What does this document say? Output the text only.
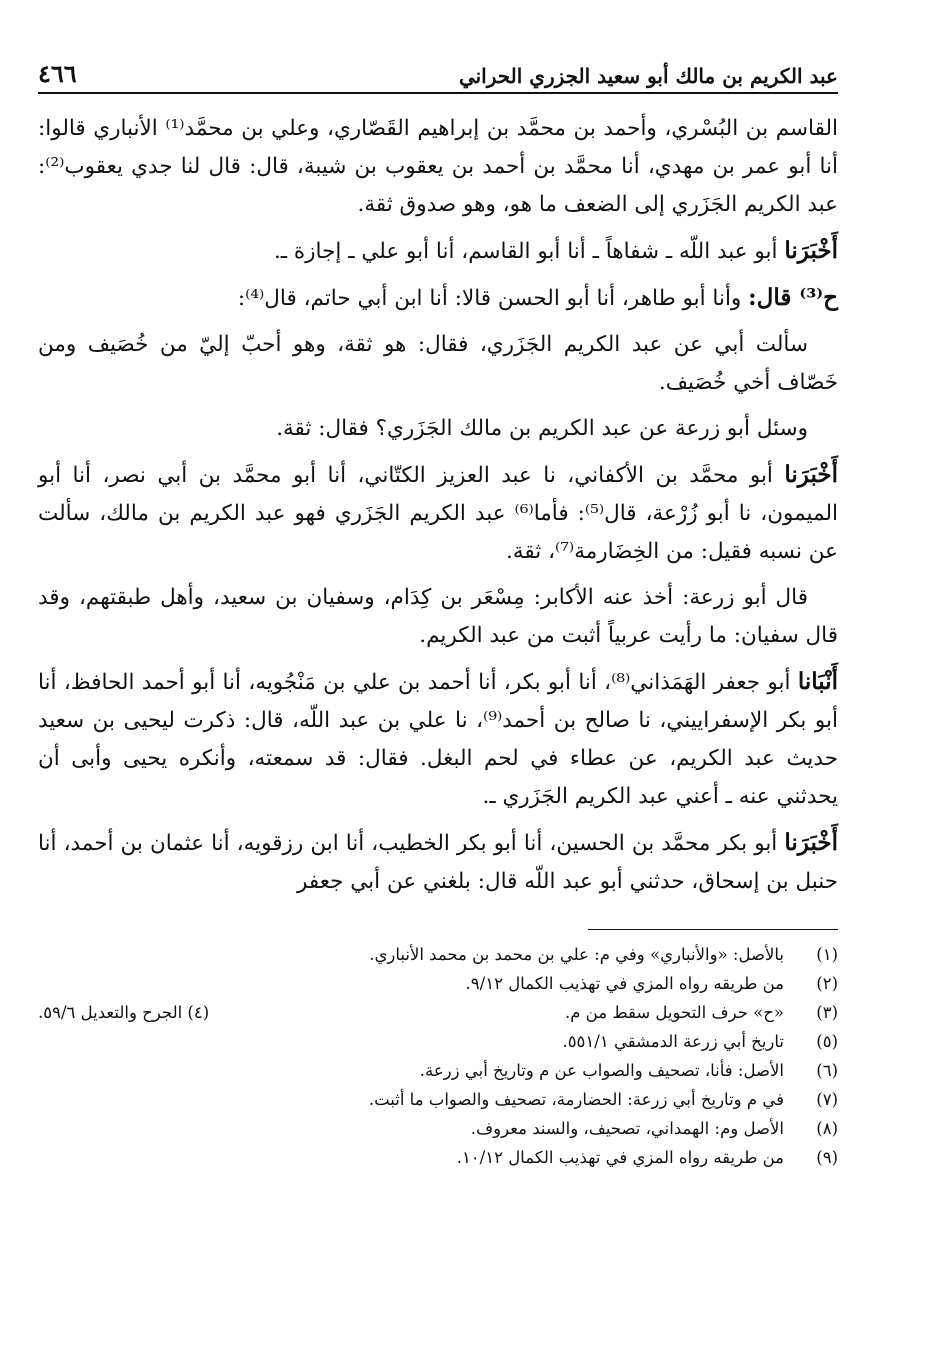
عبد الكريم بن مالك أبو سعيد الجزري الحراني
٤٦٦

القاسم بن البُسْري، وأحمد بن محمَّد بن إبراهيم القَصّاري، وعلي بن محمَّد⁽¹⁾ الأنباري قالوا: أنا أبو عمر بن مهدي، أنا محمَّد بن أحمد بن يعقوب بن شيبة، قال: قال لنا جدي يعقوب⁽²⁾: عبد الكريم الجَزَري إلى الضعف ما هو، وهو صدوق ثقة.

أَخْبَرَنا أبو عبد اللّه ـ شفاهاً ـ أنا أبو القاسم، أنا أبو علي ـ إجازة ـ.

ح⁽³⁾ قال: وأنا أبو طاهر، أنا أبو الحسن قالا: أنا ابن أبي حاتم، قال⁽⁴⁾:

سألت أبي عن عبد الكريم الجَزَري، فقال: هو ثقة، وهو أحبّ إليّ من خُصَيف ومن خَصّاف أخي خُصَيف.

وسئل أبو زرعة عن عبد الكريم بن مالك الجَزَري؟ فقال: ثقة.

أَخْبَرَنا أبو محمَّد بن الأكفاني، نا عبد العزيز الكتّاني، أنا أبو محمَّد بن أبي نصر، أنا أبو الميمون، نا أبو زُرْعة، قال⁽⁵⁾: فأما⁽⁶⁾ عبد الكريم الجَزَري فهو عبد الكريم بن مالك، سألت عن نسبه فقيل: من الخِضَارمة⁽⁷⁾، ثقة.

قال أبو زرعة: أخذ عنه الأكابر: مِسْعَر بن كِدَام، وسفيان بن سعيد، وأهل طبقتهم، وقد قال سفيان: ما رأيت عربياً أثبت من عبد الكريم.

أَنْبَانا أبو جعفر الهَمَذاني⁽⁸⁾، أنا أبو بكر، أنا أحمد بن علي بن مَنْجُويه، أنا أبو أحمد الحافظ، أنا أبو بكر الإسفراييني، نا صالح بن أحمد⁽⁹⁾، نا علي بن عبد اللّه، قال: ذكرت ليحيى بن سعيد حديث عبد الكريم، عن عطاء في لحم البغل. فقال: قد سمعته، وأنكره يحيى وأبى أن يحدثني عنه ـ أعني عبد الكريم الجَزَري ـ.

أَخْبَرَنا أبو بكر محمَّد بن الحسين، أنا أبو بكر الخطيب، أنا ابن رزقويه، أنا عثمان بن أحمد، أنا حنبل بن إسحاق، حدثني أبو عبد اللّه قال: بلغني عن أبي جعفر

(١)
بالأصل: «والأنباري» وفي م: علي بن محمد بن محمد الأنباري.
(٢)
من طريقه رواه المزي في تهذيب الكمال ٩/١٢.
(٣)
«ح» حرف التحويل سقط من م.
(٤) الجرح والتعديل ٥٩/٦.
(٥)
تاريخ أبي زرعة الدمشقي ٥٥١/١.
(٦)
الأصل: فأنا، تصحيف والصواب عن م وتاريخ أبي زرعة.
(٧)
في م وتاريخ أبي زرعة: الحضارمة، تصحيف والصواب ما أثبت.
(٨)
الأصل وم: الهمداني، تصحيف، والسند معروف.
(٩)
من طريقه رواه المزي في تهذيب الكمال ١٠/١٢.
